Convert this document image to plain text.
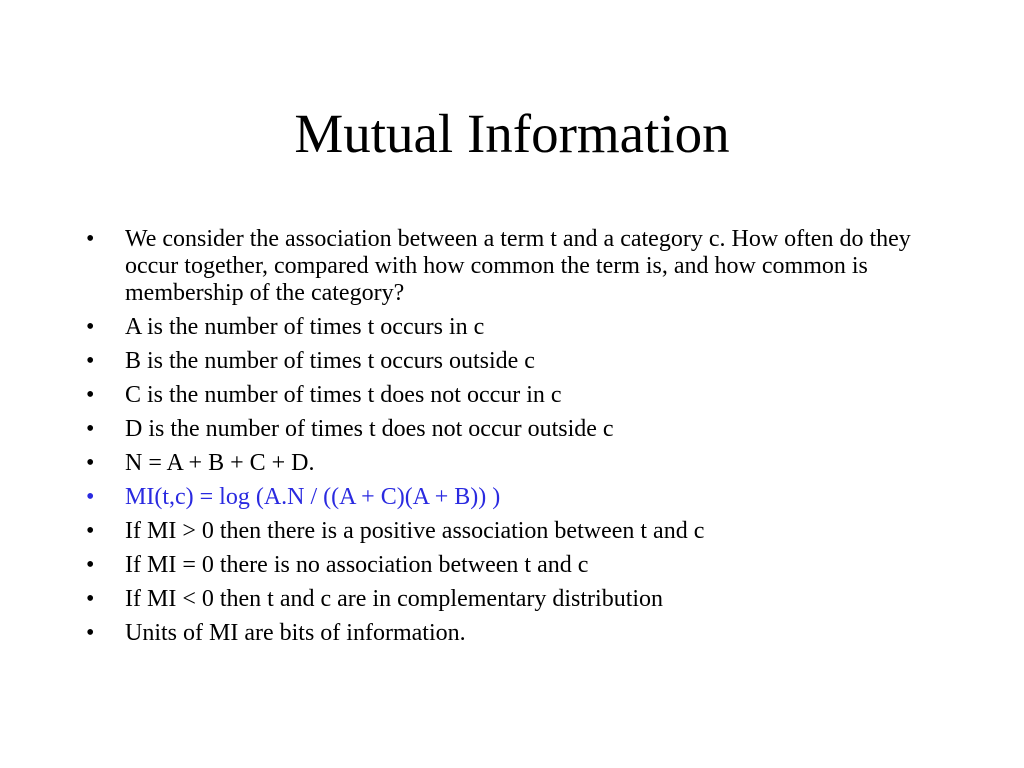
Mutual Information
•	We consider the association between a term t and a category c. How often do they occur together, compared with how common the term is, and how common is membership of the category?
•	A is the number of times t occurs in c
•	B is the number of times t occurs outside c
•	C is the number of times t does not occur in c
•	D is the number of times t does not occur outside c
•	N = A + B + C + D.
•	MI(t,c) = log (A.N / ((A + C)(A + B)) )
•	If MI > 0 then there is a positive association between t and c
•	If MI = 0 there is no association between t and c
•	If MI < 0 then t and c are in complementary distribution
•	Units of MI are bits of information.
